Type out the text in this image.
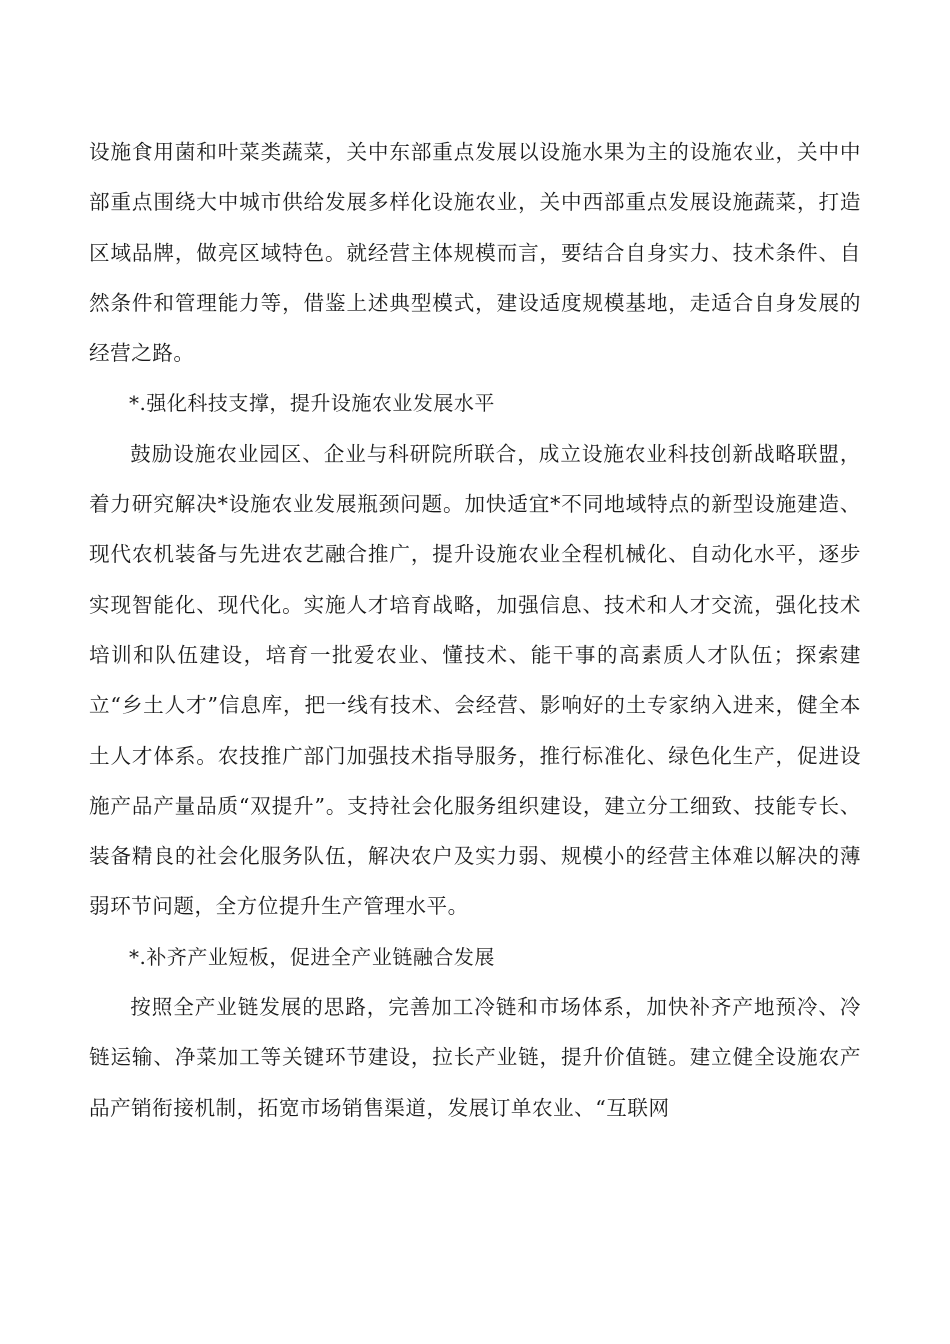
设施食用菌和叶菜类蔬菜，关中东部重点发展以设施水果为主的设施农业，关中中部重点围绕大中城市供给发展多样化设施农业，关中西部重点发展设施蔬菜，打造区域品牌，做亮区域特色。就经营主体规模而言，要结合自身实力、技术条件、自然条件和管理能力等，借鉴上述典型模式，建设适度规模基地，走适合自身发展的经营之路。

*.强化科技支撑，提升设施农业发展水平

鼓励设施农业园区、企业与科研院所联合，成立设施农业科技创新战略联盟，着力研究解决*设施农业发展瓶颈问题。加快适宜*不同地域特点的新型设施建造、现代农机装备与先进农艺融合推广，提升设施农业全程机械化、自动化水平，逐步实现智能化、现代化。实施人才培育战略，加强信息、技术和人才交流，强化技术培训和队伍建设，培育一批爱农业、懂技术、能干事的高素质人才队伍；探索建立“乡土人才”信息库，把一线有技术、会经营、影响好的土专家纳入进来，健全本土人才体系。农技推广部门加强技术指导服务，推行标准化、绿色化生产，促进设施产品产量品质“双提升”。支持社会化服务组织建设，建立分工细致、技能专长、装备精良的社会化服务队伍，解决农户及实力弱、规模小的经营主体难以解决的薄弱环节问题，全方位提升生产管理水平。

*.补齐产业短板，促进全产业链融合发展

按照全产业链发展的思路，完善加工冷链和市场体系，加快补齐产地预冷、冷链运输、净菜加工等关键环节建设，拉长产业链，提升价值链。建立健全设施农产品产销衔接机制，拓宽市场销售渠道，发展订单农业、“互联网
